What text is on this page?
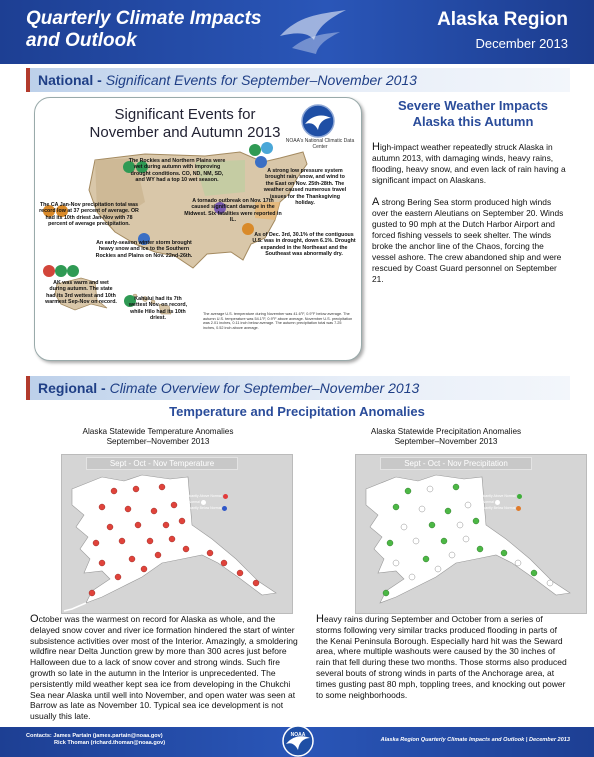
Quarterly Climate Impacts
and Outlook
Alaska Region
December 2013
National - Significant Events for September–November 2013
Significant Events for
November and Autumn 2013	NOAA's National Climatic Data Center
The Rockies and Northern Plains were wet during autumn with improving drought conditions. CO, ND, NM, SD, and WY had a top 10 wet season.
A strong low pressure system brought rain, snow, and wind to the East on Nov. 25th-28th. The weather caused numerous travel issues for the Thanksgiving holiday.
The CA Jan-Nov precipitation total was record low at 37 percent of average. OR had its 10th driest Jan-Nov with 78 percent of average precipitation.
A tornado outbreak on Nov. 17th caused significant damage in the Midwest. Six fatalities were reported in IL.
An early-season winter storm brought heavy snow and ice to the Southern Rockies and Plains on Nov. 22nd-26th.
As of Dec. 3rd, 30.1% of the contiguous U.S. was in drought, down 6.1%. Drought expanded in the Northeast and the Southeast was abnormally dry.
AK was warm and wet during autumn. The state had its 3rd wettest and 10th warmest Sep-Nov on record.
Kahului had its 7th wettest Nov. on record, while Hilo had its 10th driest.
The average U.S. temperature during November was 41.6°F, 0.9°F below average. The autumn U.S. temperature was 54.1°F, 0.9°F above average. November U.S. precipitation was 2.01 inches, 0.11 inch below average. The autumn precipitation total was 7.25 inches, 0.52 inch above average.
Severe Weather Impacts
Alaska this Autumn
High-impact weather repeatedly struck Alaska in autumn 2013, with damaging winds, heavy rains, flooding, heavy snow, and even lack of rain having a significant impact on Alaskans.
A strong Bering Sea storm produced high winds over the eastern Aleutians on September 20. Winds gusted to 90 mph at the Dutch Harbor Airport and forced fishing vessels to seek shelter. The winds broke the anchor line of the Chaos, forcing the vessel ashore. The crew abandoned ship and were rescued by Coast Guard personnel on September 21.
Regional - Climate Overview for September–November 2013
Temperature and Precipitation Anomalies
Alaska Statewide Temperature Anomalies
September–November 2013
Sept - Oct - Nov Temperature
Significantly Above Normal
Near Normal
Significantly Below Normal
Alaska Statewide Precipitation Anomalies
September–November 2013
Sept - Oct - Nov Precipitation
Significantly Above Normal
Near Normal
Significantly Below Normal
October was the warmest on record for Alaska as whole, and the delayed snow cover and river ice formation hindered the start of winter subsistence activities over most of the Interior. Amazingly, a smoldering wildfire near Delta Junction grew by more than 300 acres just before Halloween due to a lack of snow cover and strong winds. Such fire growth so late in the autumn in the Interior is unprecedented. The persistently mild weather kept sea ice from developing in the Chukchi Sea near Alaska until well into November, and open water was seen at Barrow as late as November 10. Typical sea ice development is not usually this late.
Heavy rains during September and October from a series of storms following very similar tracks produced flooding in parts of the Kenai Peninsula Borough. Especially hard hit was the Seward area, where multiple washouts were caused by the 30 inches of rain that fell during these two months. Those storms also produced several bouts of strong winds in parts of the Anchorage area, at times gusting past 80 mph, toppling trees, and knocking out power to some neighborhoods.
Contacts: James Partain (james.partain@noaa.gov)
Rick Thoman (richard.thoman@noaa.gov)
NOAA
Alaska Region Quarterly Climate Impacts and Outlook | December 2013
